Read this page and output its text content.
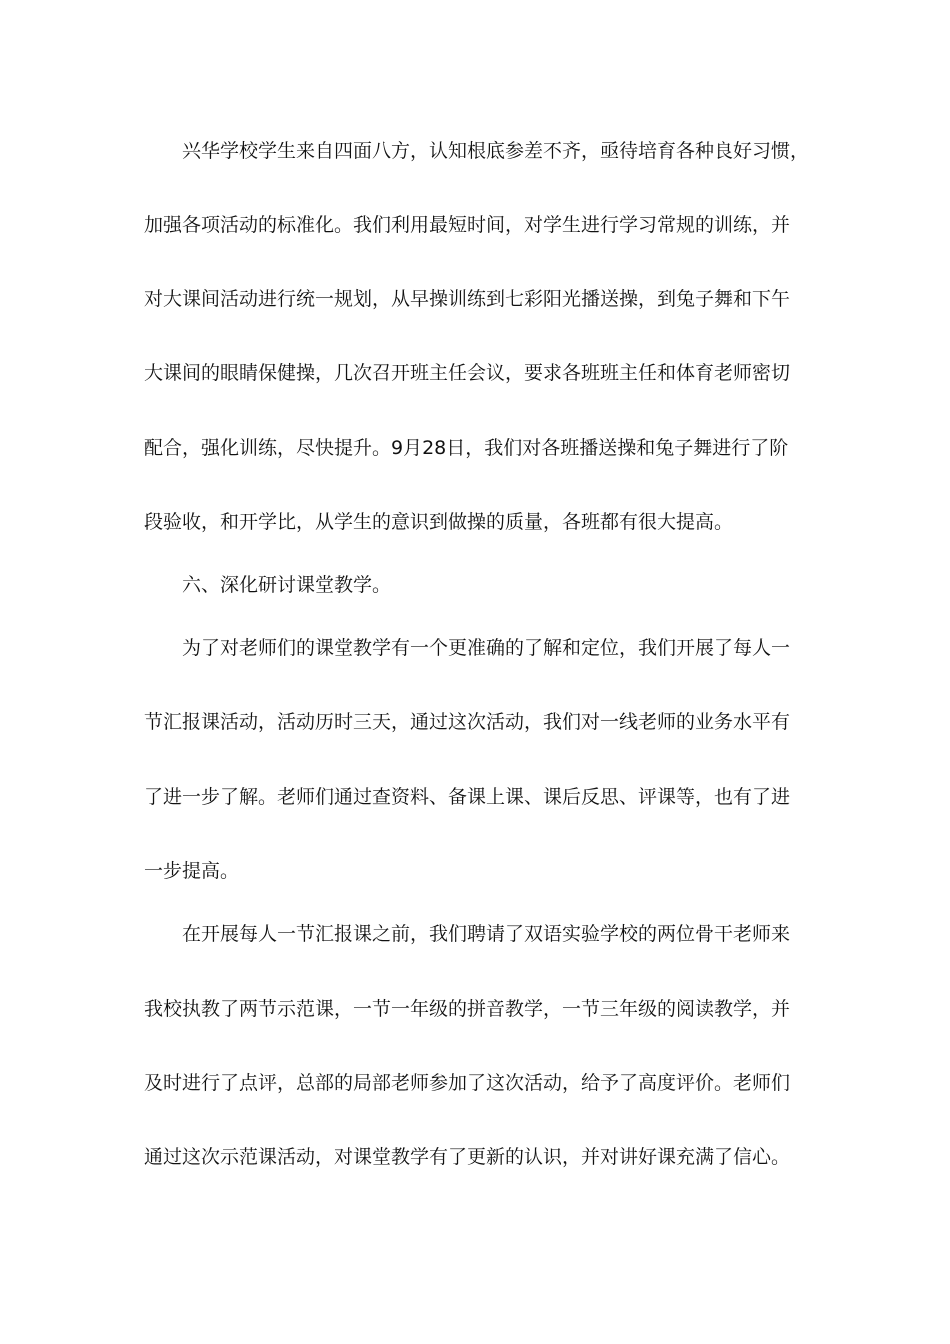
兴华学校学生来自四面八方，认知根底参差不齐，亟待培育各种良好习惯，
加强各项活动的标准化。我们利用最短时间，对学生进行学习常规的训练，并
对大课间活动进行统一规划，从早操训练到七彩阳光播送操，到兔子舞和下午
大课间的眼睛保健操，几次召开班主任会议，要求各班班主任和体育老师密切
配合，强化训练，尽快提升。9月28日，我们对各班播送操和兔子舞进行了阶
段验收，和开学比，从学生的意识到做操的质量，各班都有很大提高。
六、深化研讨课堂教学。
为了对老师们的课堂教学有一个更准确的了解和定位，我们开展了每人一
节汇报课活动，活动历时三天，通过这次活动，我们对一线老师的业务水平有
了进一步了解。老师们通过查资料、备课上课、课后反思、评课等，也有了进
一步提高。
在开展每人一节汇报课之前，我们聘请了双语实验学校的两位骨干老师来
我校执教了两节示范课，一节一年级的拼音教学，一节三年级的阅读教学，并
及时进行了点评，总部的局部老师参加了这次活动，给予了高度评价。老师们
通过这次示范课活动，对课堂教学有了更新的认识，并对讲好课充满了信心。
